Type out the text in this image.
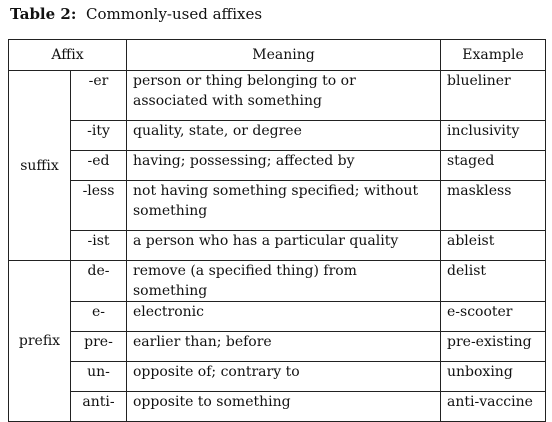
Table 2: Commonly-used affixes
Affix		Meaning	Example
suffix	-er	person or thing belonging to or associated with something	blueliner
	-ity	quality, state, or degree	inclusivity
	-ed	having; possessing; affected by	staged
	-less	not having something specified; without something	maskless
	-ist	a person who has a particular quality	ableist
prefix	de-	remove (a specified thing) from something	delist
	e-	electronic	e-scooter
	pre-	earlier than; before	pre-existing
	un-	opposite of; contrary to	unboxing
	anti-	opposite to something	anti-vaccine
